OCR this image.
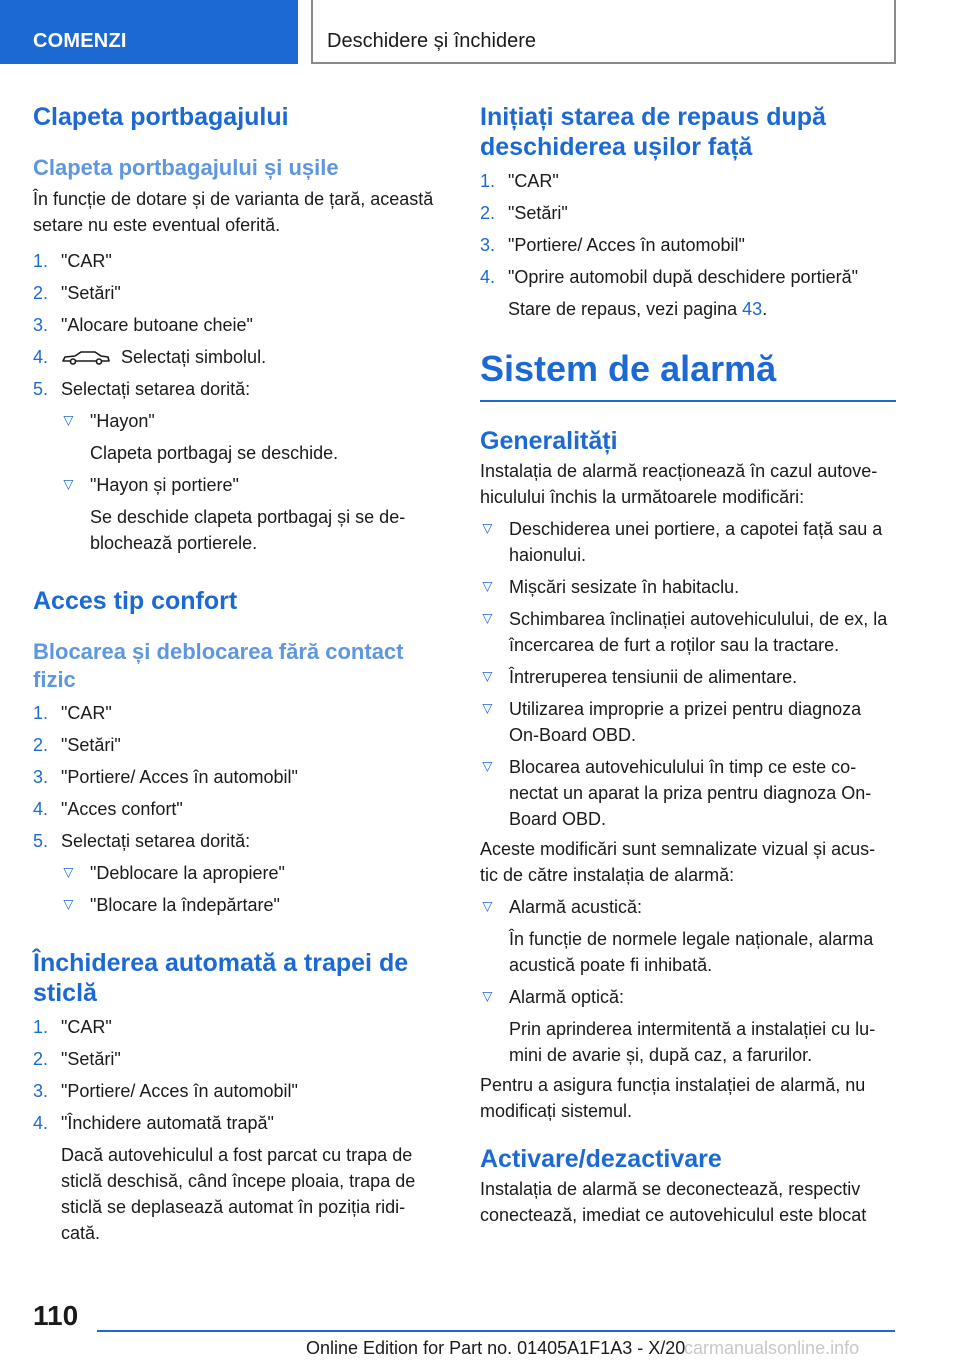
COMENZI	Deschidere și închidere
Clapeta portbagajului
Clapeta portbagajului și ușile

În funcție de dotare și de varianta de țară, această setare nu este eventual oferită.

1. "CAR"
2. "Setări"
3. "Alocare butoane cheie"
4.	Selectați simbolul.
5. Selectați setarea dorită:
▷
"Hayon"

Clapeta portbagaj se deschide.

▷
"Hayon și portiere"

Se deschide clapeta portbagaj și se de- blochează portierele.

Acces tip confort
Blocarea și deblocarea fără contact fizic
1. "CAR"
2. "Setări"
3. "Portiere/ Acces în automobil"
4. "Acces confort"
5. Selectați setarea dorită:
▷
"Deblocare la apropiere"
▷
"Blocare la îndepărtare"
Închiderea automată a trapei de sticlă
1. "CAR"
2. "Setări"
3. "Portiere/ Acces în automobil"
4. "Închidere automată trapă"

Dacă autovehiculul a fost parcat cu trapa de sticlă deschisă, când începe ploaia, trapa de sticlă se deplasează automat în poziția ridi- cată.

Inițiați starea de repaus după deschiderea ușilor față
1. "CAR"
2. "Setări"
3. "Portiere/ Acces în automobil"
4. "Oprire automobil după deschidere portieră"

Stare de repaus, vezi pagina 43.

Sistem de alarmă
Generalități

Instalația de alarmă reacționează în cazul autove- hiculului închis la următoarele modificări:

▷
Deschiderea unei portiere, a capotei față sau a haionului.
▷
Mișcări sesizate în habitaclu.
▷
Schimbarea înclinației autovehiculului, de ex, la încercarea de furt a roților sau la tractare.
▷
Întreruperea tensiunii de alimentare.
▷
Utilizarea improprie a prizei pentru diagnoza On-Board OBD.
▷
Blocarea autovehiculului în timp ce este co- nectat un aparat la priza pentru diagnoza On- Board OBD.

Aceste modificări sunt semnalizate vizual și acus- tic de către instalația de alarmă:

▷
Alarmă acustică:

În funcție de normele legale naționale, alarma acustică poate fi inhibată.

▷
Alarmă optică:

Prin aprinderea intermitentă a instalației cu lu- mini de avarie și, după caz, a farurilor.

Pentru a asigura funcția instalației de alarmă, nu modificați sistemul.

Activare/dezactivare

Instalația de alarmă se deconectează, respectiv conectează, imediat ce autovehiculul este blocat

110
Online Edition for Part no. 01405A1F1A3 - X/20
carmanualsonline.info
